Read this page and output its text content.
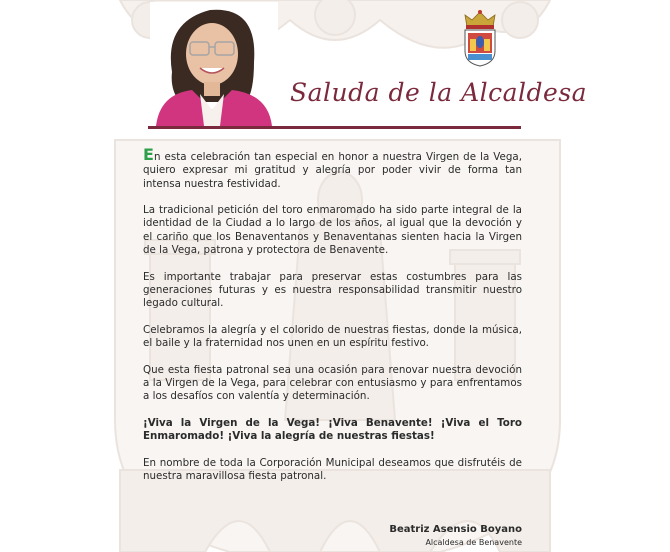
Saluda de la Alcaldesa

En esta celebración tan especial en honor a nuestra Virgen de la Vega, quiero expresar mi gratitud y alegría por poder vivir de forma tan intensa nuestra festividad.

La tradicional petición del toro enmaromado ha sido parte integral de la identidad de la Ciudad a lo largo de los años, al igual que la devoción y el cariño que los Benaventanos y Benaventanas sienten hacia la Virgen de la Vega, patrona y protectora de Benavente.

Es importante trabajar para preservar estas costumbres para las generaciones futuras y es nuestra responsabilidad transmitir nuestro legado cultural.

Celebramos la alegría y el colorido de nuestras fiestas, donde la música, el baile y la fraternidad nos unen en un espíritu festivo.

Que esta fiesta patronal sea una ocasión para renovar nuestra devoción a la Virgen de la Vega, para celebrar con entusiasmo y para enfrentamos a los desafíos con valentía y determinación.

¡Viva la Virgen de la Vega! ¡Viva Benavente! ¡Viva el Toro Enmaromado! ¡Viva la alegría de nuestras fiestas!

En nombre de toda la Corporación Municipal deseamos que disfrutéis de nuestra maravillosa fiesta patronal.

Beatriz Asensio Boyano
Alcaldesa de Benavente
